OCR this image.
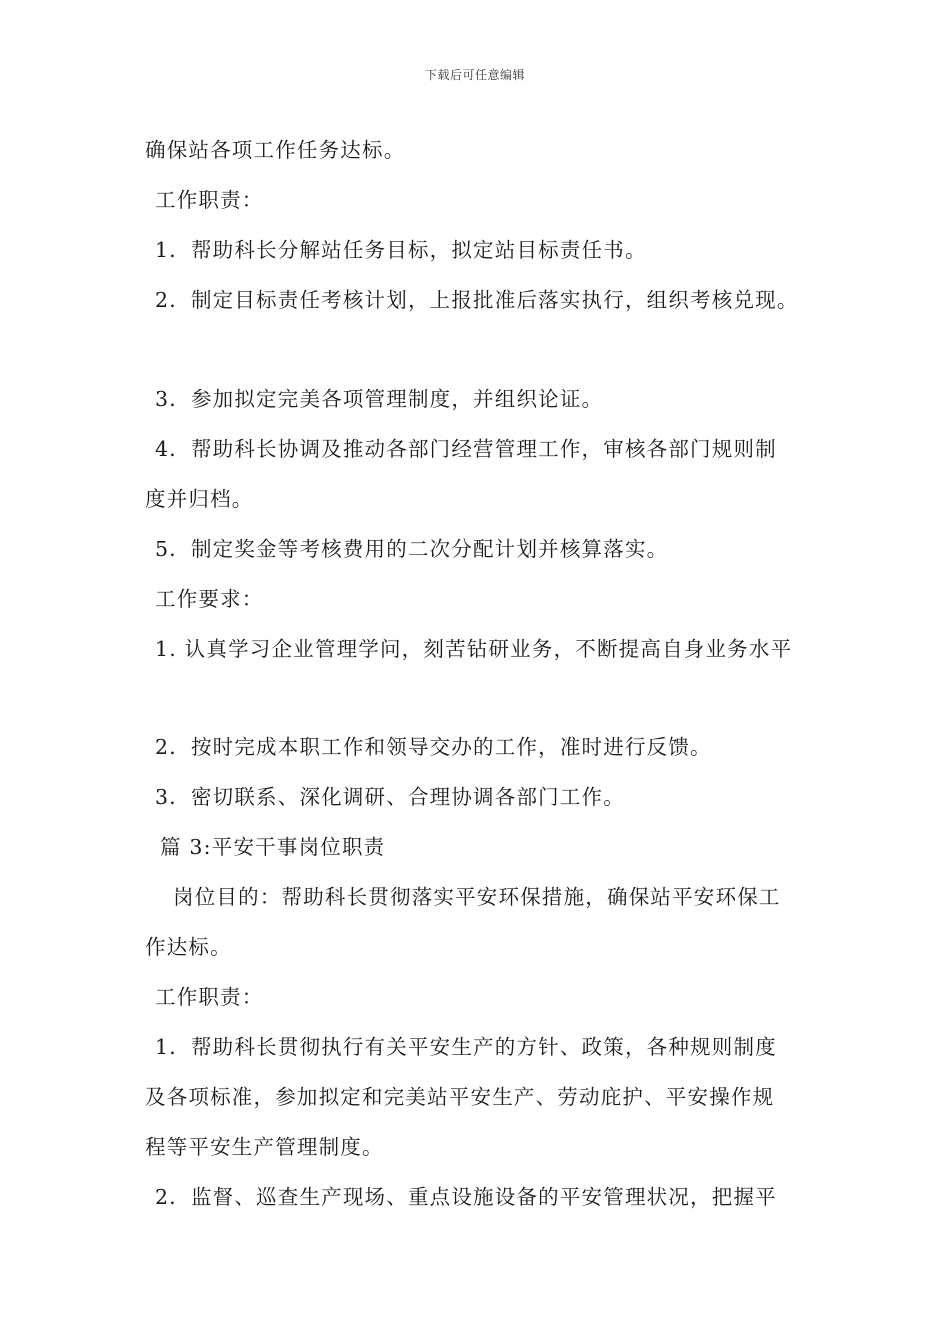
下载后可任意编辑
确保站各项工作任务达标。
工作职责：
1．帮助科长分解站任务目标，拟定站目标责任书。
2．制定目标责任考核计划，上报批准后落实执行，组织考核兑现。
3．参加拟定完美各项管理制度，并组织论证。
4．帮助科长协调及推动各部门经营管理工作，审核各部门规则制
度并归档。
5．制定奖金等考核费用的二次分配计划并核算落实。
工作要求：
1. 认真学习企业管理学问，刻苦钻研业务，不断提高自身业务水平
2．按时完成本职工作和领导交办的工作，准时进行反馈。
3．密切联系、深化调研、合理协调各部门工作。
篇 3:平安干事岗位职责
岗位目的：帮助科长贯彻落实平安环保措施，确保站平安环保工
作达标。
工作职责：
1．帮助科长贯彻执行有关平安生产的方针、政策，各种规则制度
及各项标准，参加拟定和完美站平安生产、劳动庇护、平安操作规
程等平安生产管理制度。
2．监督、巡查生产现场、重点设施设备的平安管理状况，把握平
